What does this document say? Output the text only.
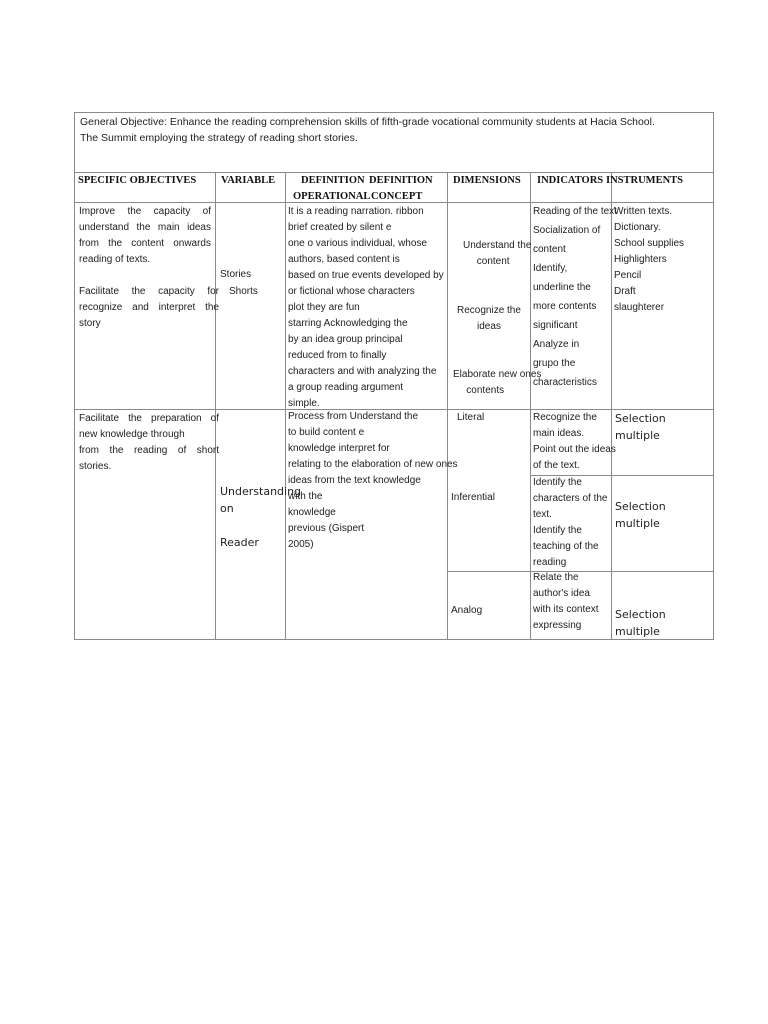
General Objective: Enhance the reading comprehension skills of fifth-grade vocational community students at Hacia School.
The Summit employing the strategy of reading short stories.
SPECIFIC OBJECTIVES VARIABLE DEFINITION
OPERATIONAL
DEFINITION
CONCEPT
DIMENSIONS INDICATORS INSTRUMENTS
Improve the capacity of
understand the main ideas
from the content onwards
reading of texts.
Facilitate the capacity for
recognize and interpret the
story
Stories
Shorts
It is a reading narration. ribbon
brief created by silent e
one o various individual, whose
authors, based content is
based on true events developed by
or fictional whose characters
plot they are fun
starring Acknowledging the
by an idea group principal
reduced from to finally
characters and with analyzing the
a group reading argument
simple.
Understand the
content
Recognize the
ideas
Elaborate new ones
contents
Reading of the text
Socialization of
content
Identify,
underline the
more contents
significant
Analyze in
grupo the
characteristics
Written texts.
Dictionary.
School supplies
Highlighters
Pencil
Draft
slaughterer
Facilitate the preparation of
new knowledge through
from the reading of short stories.
Understanding
on
Reader
Process from Understand the
to build content e
knowledge interpret for
relating to the elaboration of new ones
ideas from the text knowledge
with the
knowledge
previous (Gispert
2005)
Literal
Inferential
Analog
Recognize the
main ideas.
Point out the ideas
of the text.
Identify the
characters of the
text.
Identify the
teaching of the
reading
Relate the
author's idea
with its context
expressing
Selection
multiple
Selection
multiple
Selection
multiple
